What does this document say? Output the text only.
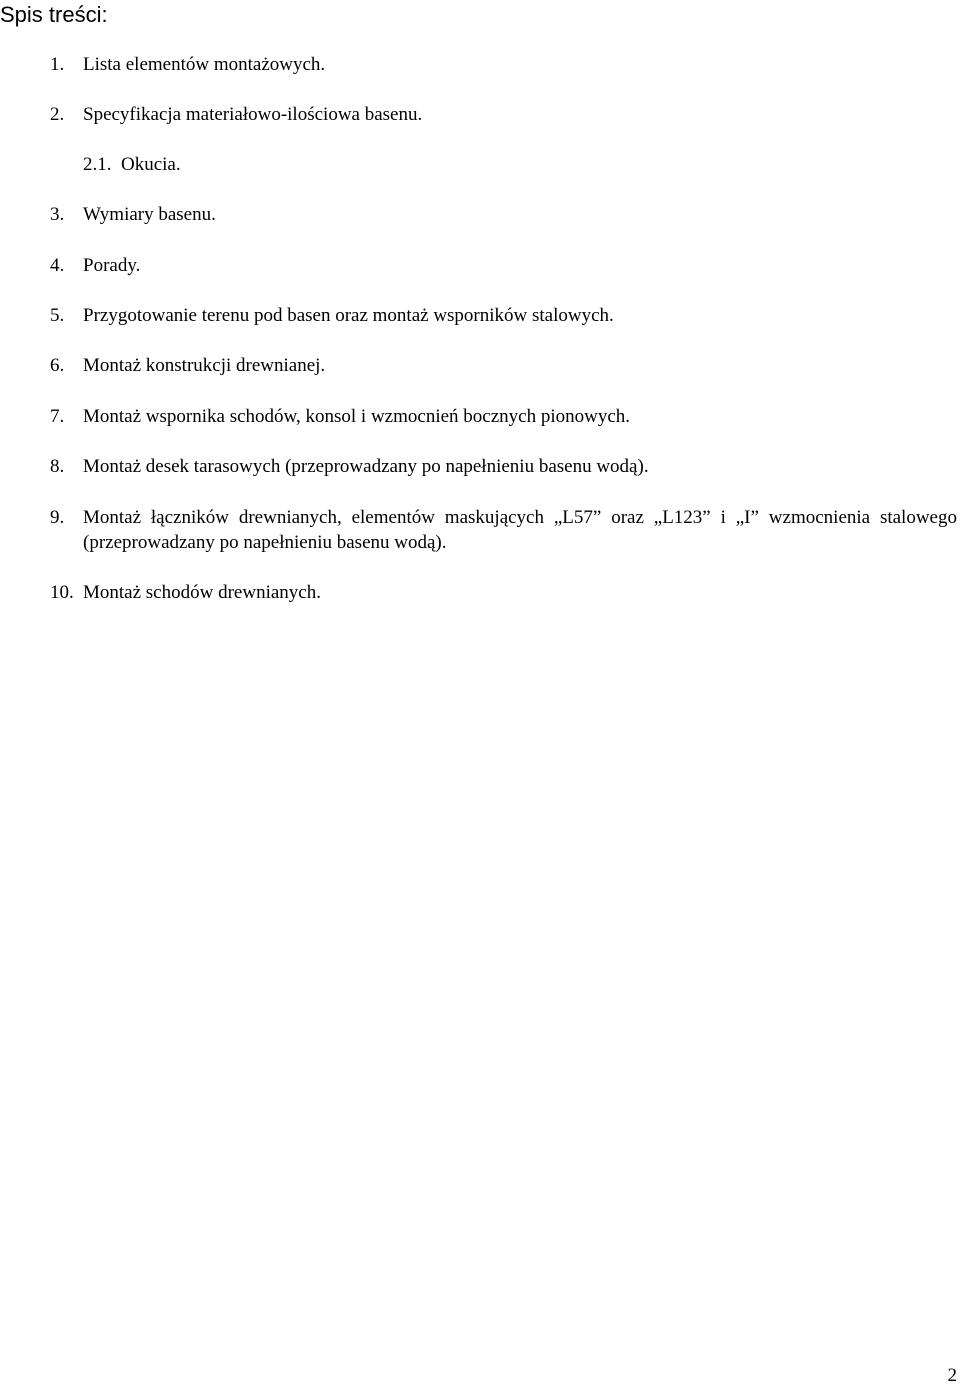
Spis treści:
1. Lista elementów montażowych.
2. Specyfikacja materiałowo-ilościowa basenu.
2.1. Okucia.
3. Wymiary basenu.
4. Porady.
5. Przygotowanie terenu pod basen oraz montaż wsporników stalowych.
6. Montaż konstrukcji drewnianej.
7. Montaż wspornika schodów, konsol i wzmocnień bocznych pionowych.
8. Montaż desek tarasowych (przeprowadzany po napełnieniu basenu wodą).
9. Montaż łączników drewnianych, elementów maskujących „L57” oraz „L123” i „I” wzmocnienia stalowego (przeprowadzany po napełnieniu basenu wodą).
10. Montaż schodów drewnianych.
2
